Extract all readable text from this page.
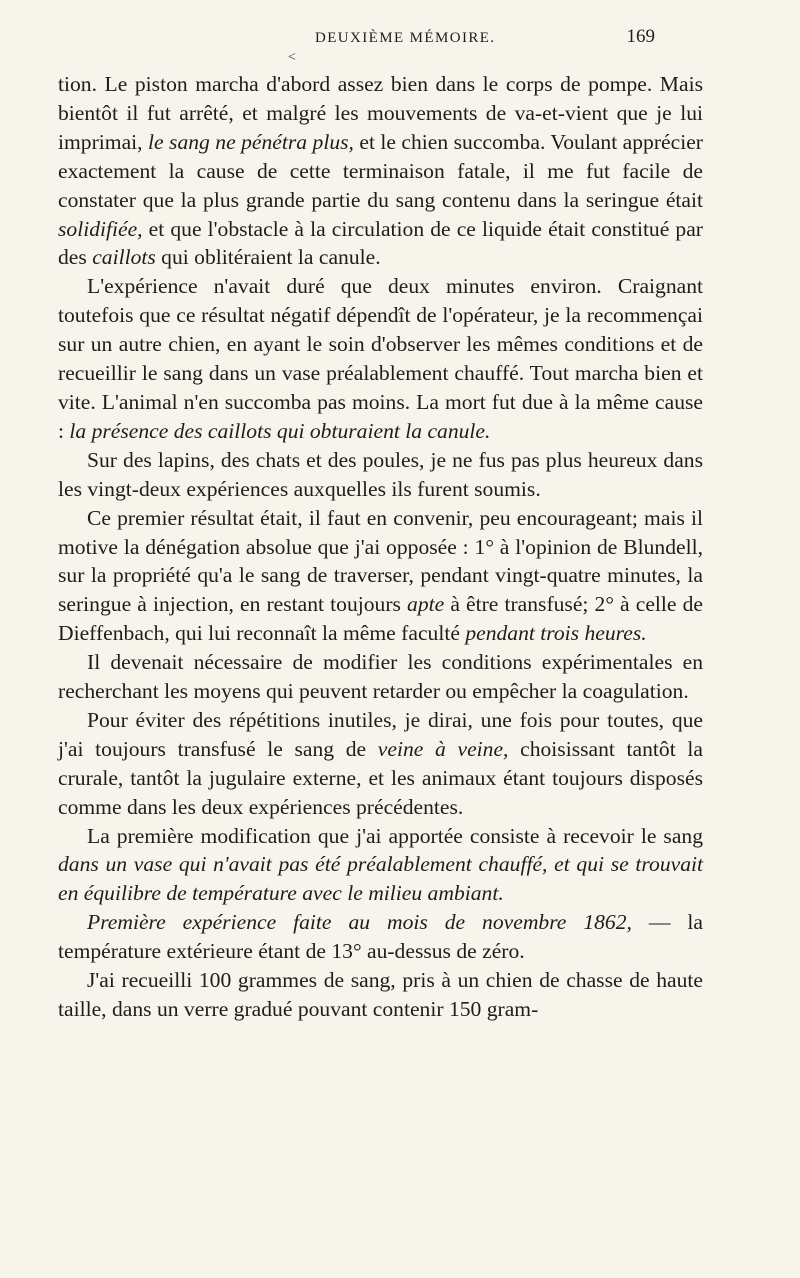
DEUXIÈME MÉMOIRE.	169
<

tion. Le piston marcha d'abord assez bien dans le corps de pompe. Mais bientôt il fut arrêté, et malgré les mouvements de va-et-vient que je lui imprimai, le sang ne pénétra plus, et le chien succomba. Voulant apprécier exactement la cause de cette terminaison fatale, il me fut facile de constater que la plus grande partie du sang contenu dans la seringue était solidifiée, et que l'obstacle à la circulation de ce liquide était constitué par des caillots qui oblitéraient la canule.

L'expérience n'avait duré que deux minutes environ. Craignant toutefois que ce résultat négatif dépendît de l'opérateur, je la recommençai sur un autre chien, en ayant le soin d'observer les mêmes conditions et de recueillir le sang dans un vase préalablement chauffé. Tout marcha bien et vite. L'animal n'en succomba pas moins. La mort fut due à la même cause : la présence des caillots qui obturaient la canule.

Sur des lapins, des chats et des poules, je ne fus pas plus heureux dans les vingt-deux expériences auxquelles ils furent soumis.

Ce premier résultat était, il faut en convenir, peu encourageant; mais il motive la dénégation absolue que j'ai opposée : 1° à l'opinion de Blundell, sur la propriété qu'a le sang de traverser, pendant vingt-quatre minutes, la seringue à injection, en restant toujours apte à être transfusé; 2° à celle de Dieffenbach, qui lui reconnaît la même faculté pendant trois heures.

Il devenait nécessaire de modifier les conditions expérimentales en recherchant les moyens qui peuvent retarder ou empêcher la coagulation.

Pour éviter des répétitions inutiles, je dirai, une fois pour toutes, que j'ai toujours transfusé le sang de veine à veine, choisissant tantôt la crurale, tantôt la jugulaire externe, et les animaux étant toujours disposés comme dans les deux expériences précédentes.

La première modification que j'ai apportée consiste à recevoir le sang dans un vase qui n'avait pas été préalablement chauffé, et qui se trouvait en équilibre de température avec le milieu ambiant.

Première expérience faite au mois de novembre 1862, — la température extérieure étant de 13° au-dessus de zéro.

J'ai recueilli 100 grammes de sang, pris à un chien de chasse de haute taille, dans un verre gradué pouvant contenir 150 gram-
